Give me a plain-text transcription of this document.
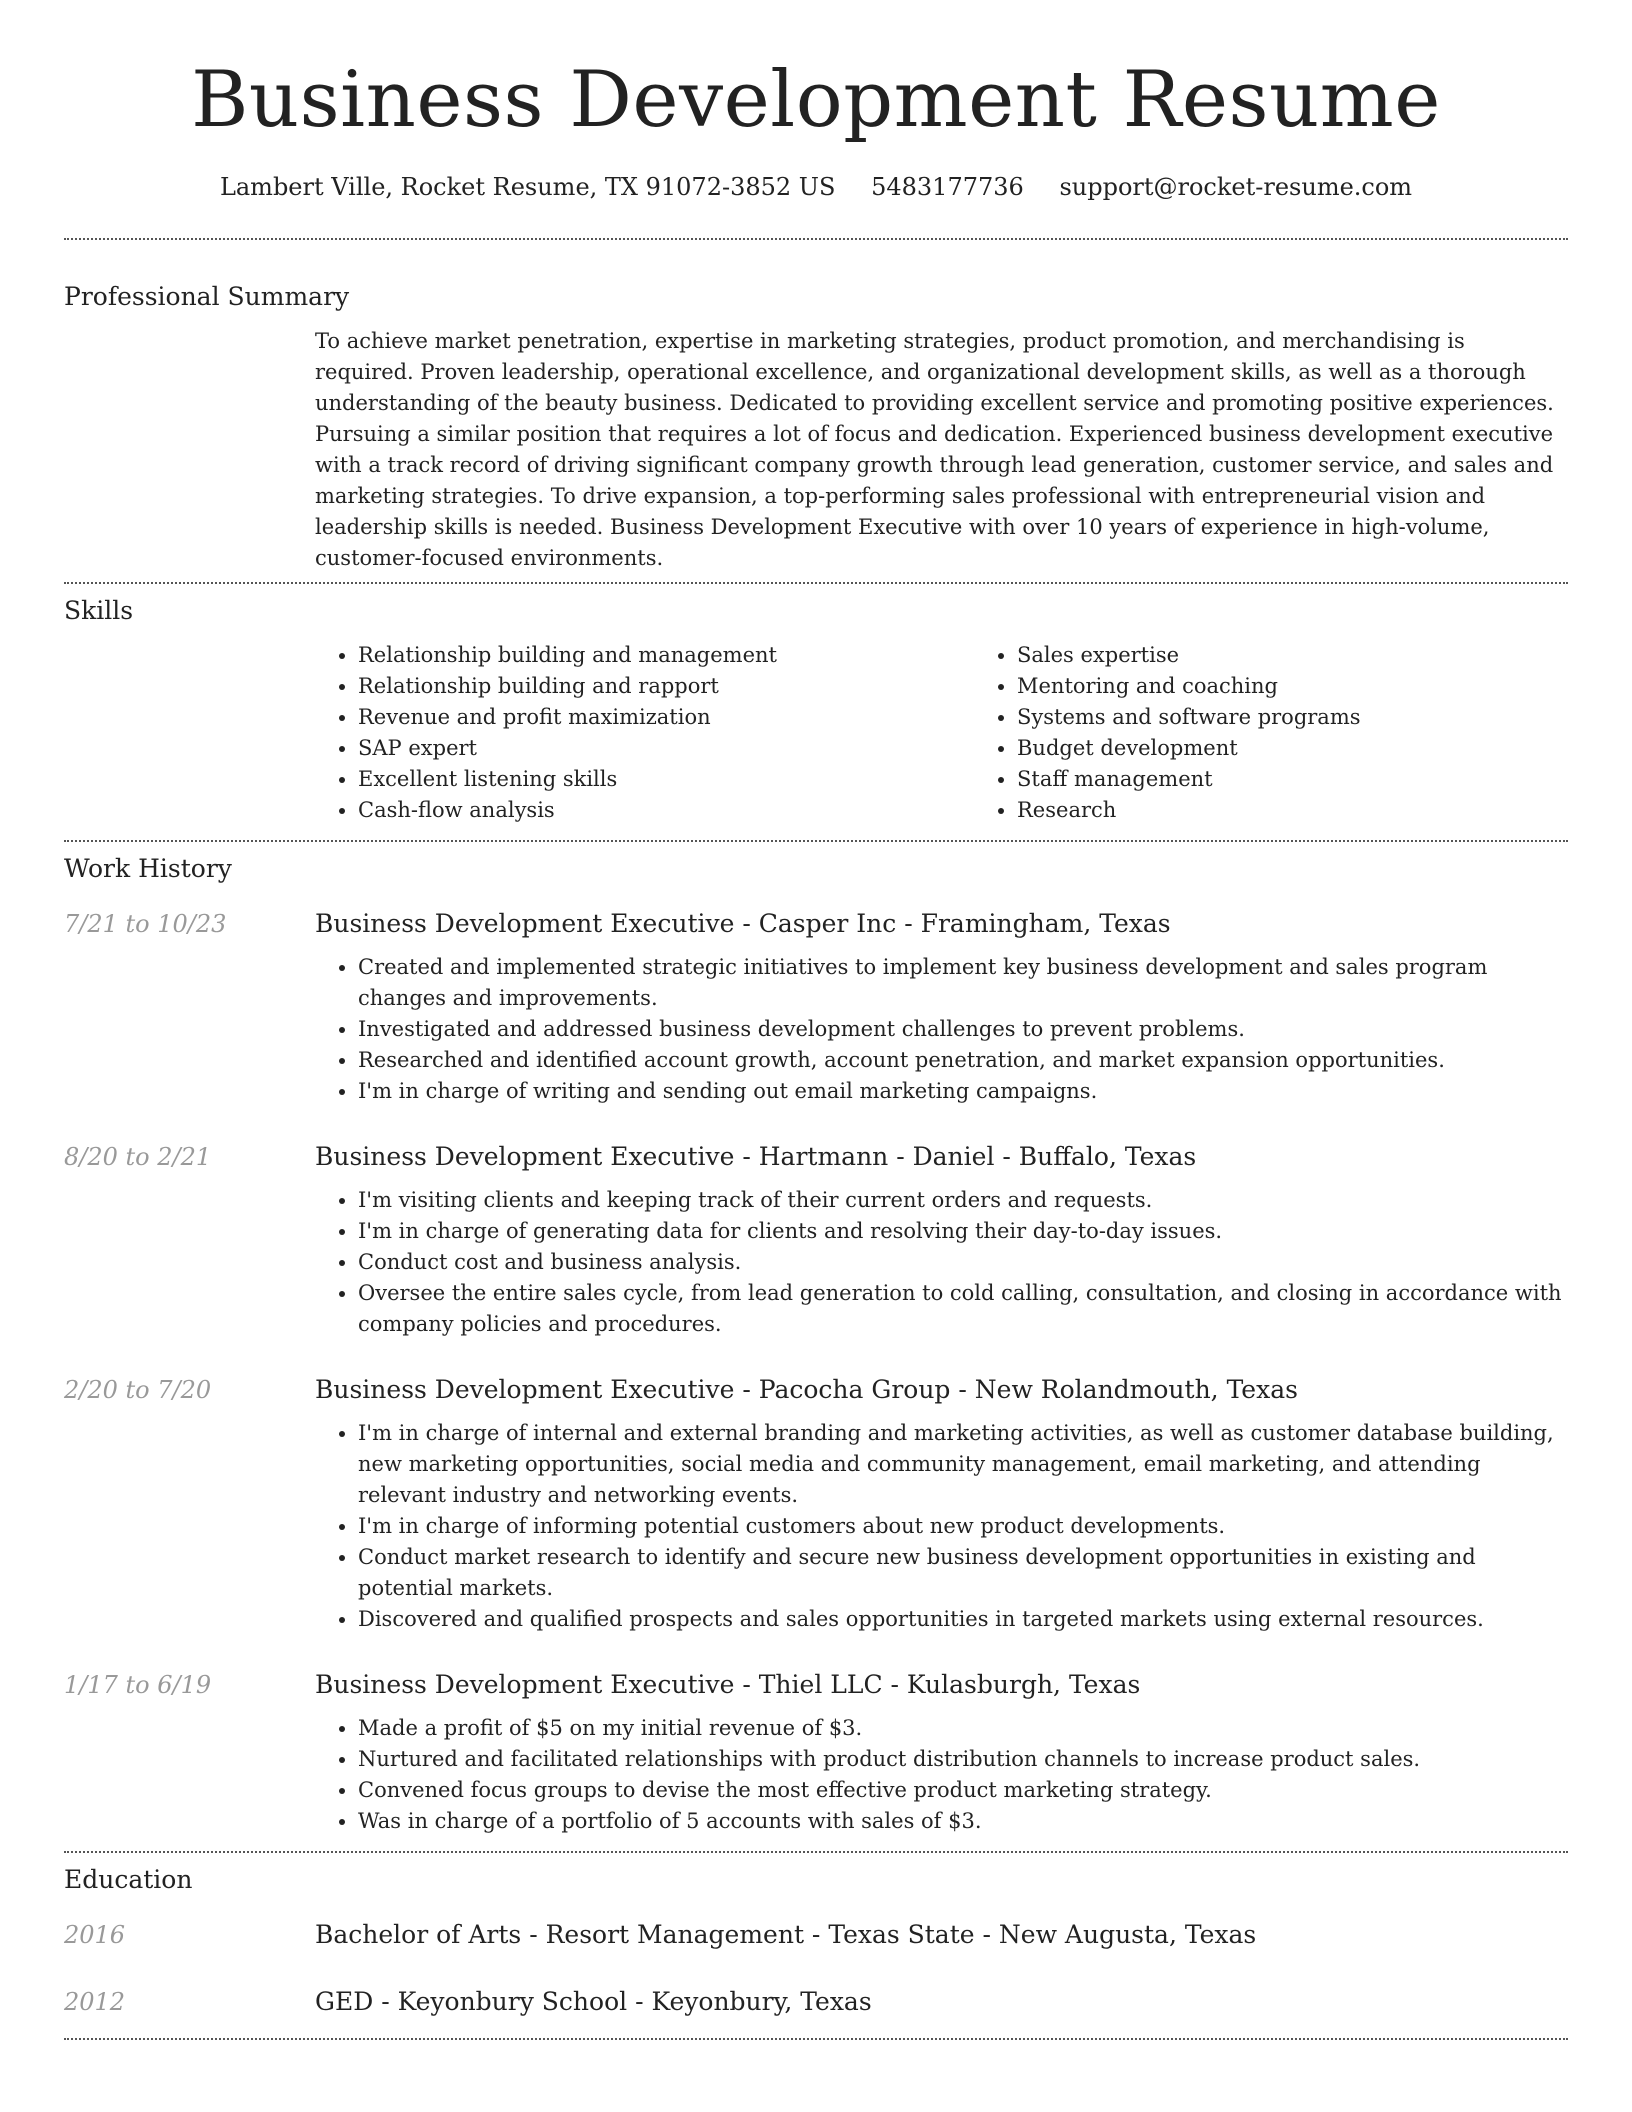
Business Development Resume
Lambert Ville, Rocket Resume, TX 91072-3852 US 5483177736 support@rocket-resume.com
Professional Summary

To achieve market penetration, expertise in marketing strategies, product promotion, and merchandising is required. Proven leadership, operational excellence, and organizational development skills, as well as a thorough understanding of the beauty business. Dedicated to providing excellent service and promoting positive experiences. Pursuing a similar position that requires a lot of focus and dedication. Experienced business development executive with a track record of driving significant company growth through lead generation, customer service, and sales and marketing strategies. To drive expansion, a top-performing sales professional with entrepreneurial vision and leadership skills is needed. Business Development Executive with over 10 years of experience in high-volume, customer-focused environments.

Skills
• Relationship building and management
• Relationship building and rapport
• Revenue and profit maximization
• SAP expert
• Excellent listening skills
• Cash-flow analysis
• Sales expertise
• Mentoring and coaching
• Systems and software programs
• Budget development
• Staff management
• Research
Work History
7/21 to 10/23	Business Development Executive - Casper Inc - Framingham, Texas
• Created and implemented strategic initiatives to implement key business development and sales program changes and improvements.
• Investigated and addressed business development challenges to prevent problems.
• Researched and identified account growth, account penetration, and market expansion opportunities.
• I'm in charge of writing and sending out email marketing campaigns.
8/20 to 2/21	Business Development Executive - Hartmann - Daniel - Buffalo, Texas
• I'm visiting clients and keeping track of their current orders and requests.
• I'm in charge of generating data for clients and resolving their day-to-day issues.
• Conduct cost and business analysis.
• Oversee the entire sales cycle, from lead generation to cold calling, consultation, and closing in accordance with company policies and procedures.
2/20 to 7/20	Business Development Executive - Pacocha Group - New Rolandmouth, Texas
• I'm in charge of internal and external branding and marketing activities, as well as customer database building, new marketing opportunities, social media and community management, email marketing, and attending relevant industry and networking events.
• I'm in charge of informing potential customers about new product developments.
• Conduct market research to identify and secure new business development opportunities in existing and potential markets.
• Discovered and qualified prospects and sales opportunities in targeted markets using external resources.
1/17 to 6/19	Business Development Executive - Thiel LLC - Kulasburgh, Texas
• Made a profit of $5 on my initial revenue of $3.
• Nurtured and facilitated relationships with product distribution channels to increase product sales.
• Convened focus groups to devise the most effective product marketing strategy.
• Was in charge of a portfolio of 5 accounts with sales of $3.
Education
2016	Bachelor of Arts - Resort Management - Texas State - New Augusta, Texas
2012	GED - Keyonbury School - Keyonbury, Texas
